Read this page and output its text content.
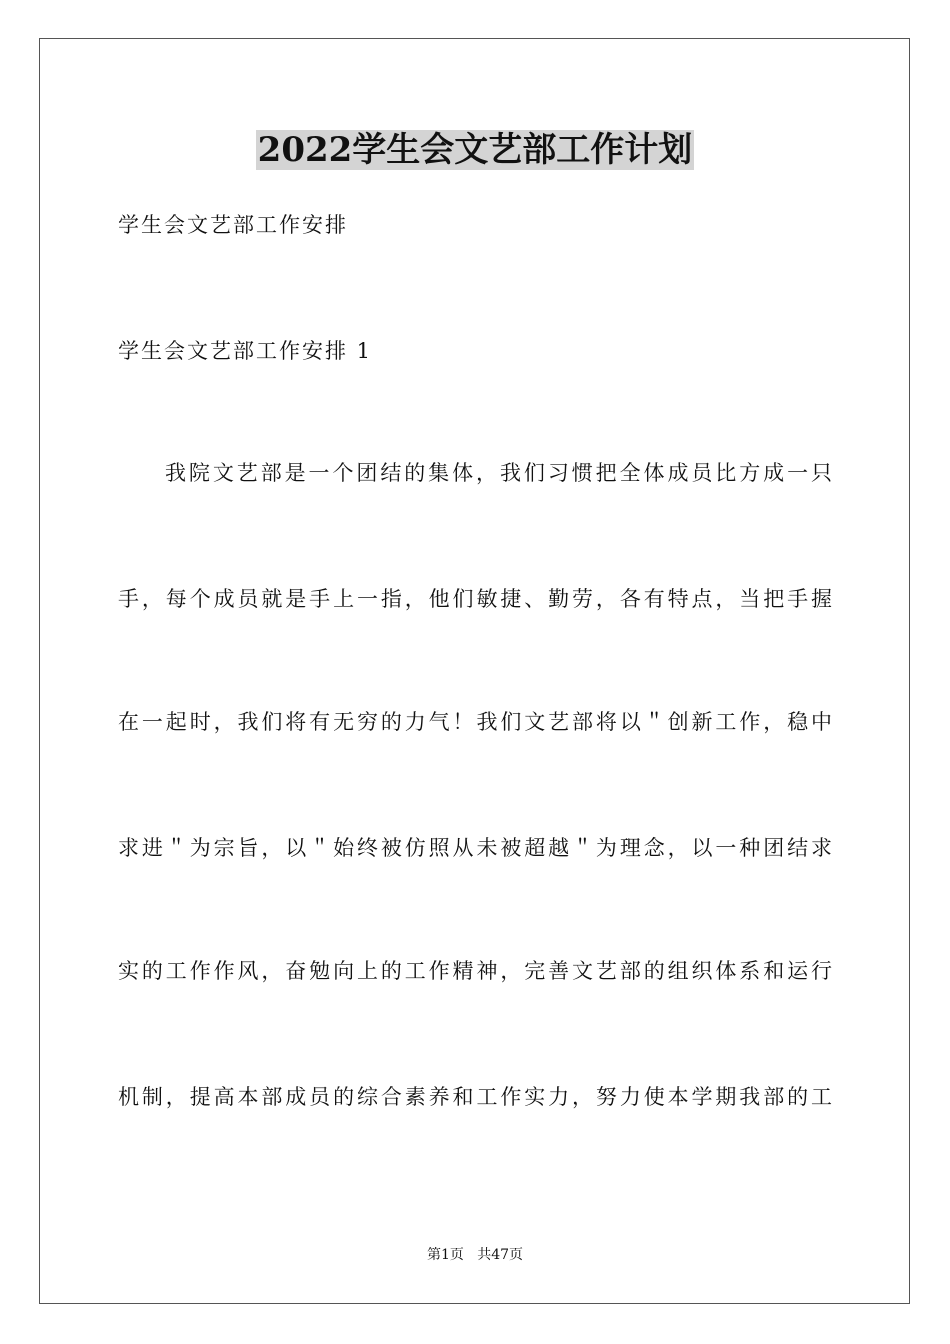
2022学生会文艺部工作计划
学生会文艺部工作安排
学生会文艺部工作安排 1
我院文艺部是一个团结的集体，我们习惯把全体成员比方成一只
手，每个成员就是手上一指，他们敏捷、勤劳，各有特点，当把手握
在一起时，我们将有无穷的力气！我们文艺部将以＂创新工作，稳中
求进＂为宗旨，以＂始终被仿照从未被超越＂为理念，以一种团结求
实的工作作风，奋勉向上的工作精神，完善文艺部的组织体系和运行
机制，提高本部成员的综合素养和工作实力，努力使本学期我部的工
第1页   共47页
